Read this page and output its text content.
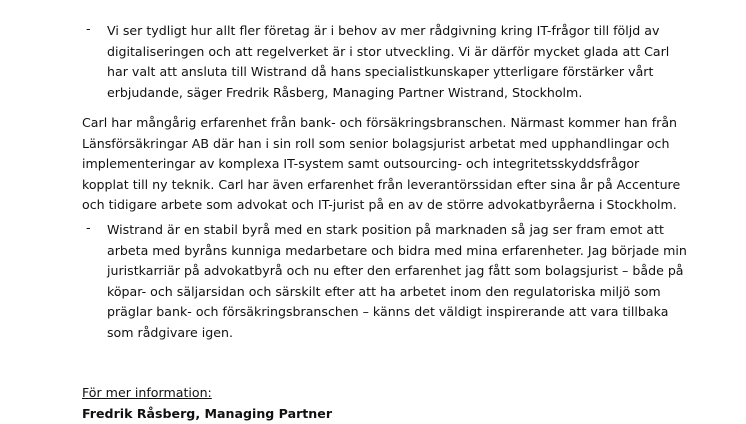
-	Vi ser tydligt hur allt fler företag är i behov av mer rådgivning kring IT-frågor till följd av
digitaliseringen och att regelverket är i stor utveckling. Vi är därför mycket glada att Carl
har valt att ansluta till Wistrand då hans specialistkunskaper ytterligare förstärker vårt
erbjudande, säger Fredrik Råsberg, Managing Partner Wistrand, Stockholm.
Carl har mångårig erfarenhet från bank- och försäkringsbranschen. Närmast kommer han från
Länsförsäkringar AB där han i sin roll som senior bolagsjurist arbetat med upphandlingar och
implementeringar av komplexa IT-system samt outsourcing- och integritetsskyddsfrågor
kopplat till ny teknik. Carl har även erfarenhet från leverantörssidan efter sina år på Accenture
och tidigare arbete som advokat och IT-jurist på en av de större advokatbyråerna i Stockholm.
-	Wistrand är en stabil byrå med en stark position på marknaden så jag ser fram emot att
arbeta med byråns kunniga medarbetare och bidra med mina erfarenheter. Jag började min
juristkarriär på advokatbyrå och nu efter den erfarenhet jag fått som bolagsjurist – både på
köpar- och säljarsidan och särskilt efter att ha arbetet inom den regulatoriska miljö som
präglar bank- och försäkringsbranschen – känns det väldigt inspirerande att vara tillbaka
som rådgivare igen.
För mer information:
Fredrik Råsberg, Managing Partner
